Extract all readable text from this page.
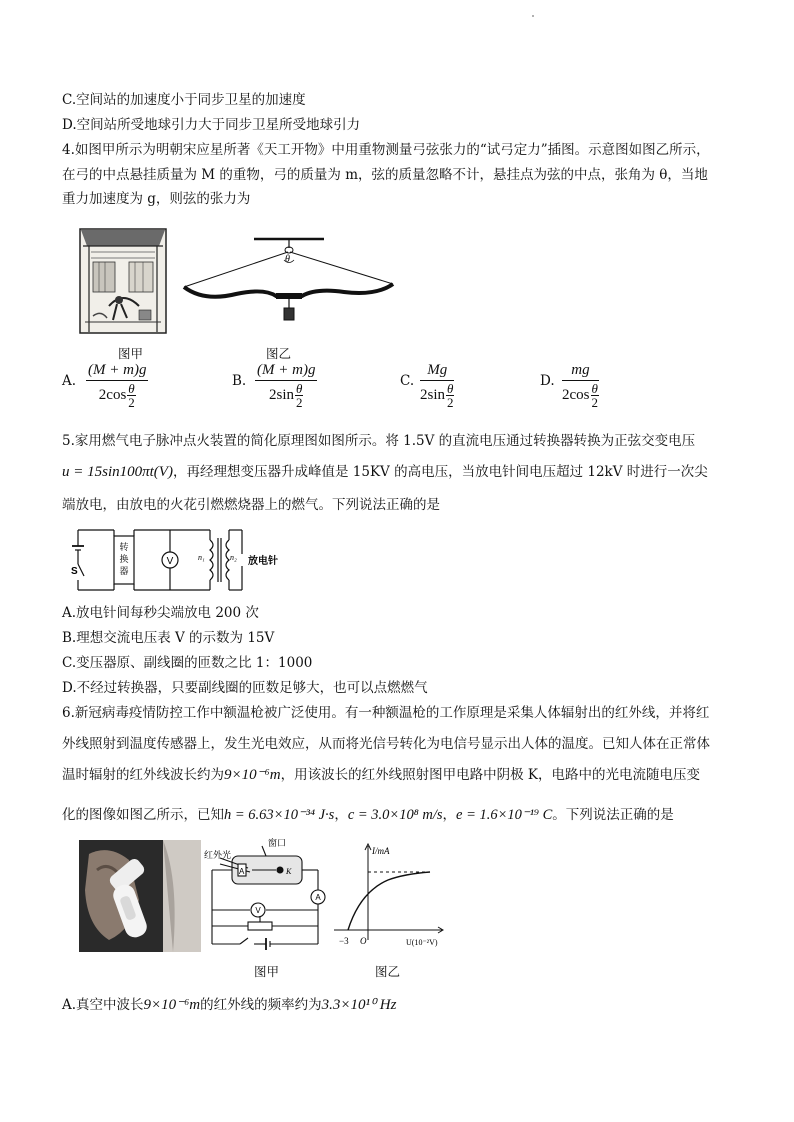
C.空间站的加速度小于同步卫星的加速度
D.空间站所受地球引力大于同步卫星所受地球引力
4.如图甲所示为明朝宋应星所著《天工开物》中用重物测量弓弦张力的“试弓定力”插图。示意图如图乙所示，
在弓的中点悬挂质量为 M 的重物，弓的质量为 m，弦的质量忽略不计，悬挂点为弦的中点，张角为 θ，当地
重力加速度为 g，则弦的张力为
θ
图甲	图乙
A. $\frac{(M + m)g}{2\cos \frac{\theta}{2}}$	B. $\frac{(M + m)g}{2\sin \frac{\theta}{2}}$	C. $\frac{Mg}{2\sin \frac{\theta}{2}}$	D. $\frac{mg}{2\cos \frac{\theta}{2}}$
5.家用燃气电子脉冲点火装置的简化原理图如图所示。将 1.5V 的直流电压通过转换器转换为正弦交变电压
u = 15sin100πt(V)，再经理想变压器升成峰值是 15KV 的高电压，当放电针间电压超过 12kV 时进行一次尖
端放电，由放电的火花引燃燃烧器上的燃气。下列说法正确的是
S
转
换
器
V	n₁	n₂ 放电针
A.放电针间每秒尖端放电 200 次
B.理想交流电压表 V 的示数为 15V
C.变压器原、副线圈的匝数之比 1：1000
D.不经过转换器，只要副线圈的匝数足够大，也可以点燃燃气
6.新冠病毒疫情防控工作中额温枪被广泛使用。有一种额温枪的工作原理是采集人体辐射出的红外线，并将红
外线照射到温度传感器上，发生光电效应，从而将光信号转化为电信号显示出人体的温度。已知人体在正常体
温时辐射的红外线波长约为9×10⁻⁶m，用该波长的红外线照射图甲电路中阴极 K，电路中的光电流随电压变
化的图像如图乙所示，已知h = 6.63×10⁻³⁴ J·s，c = 3.0×10⁸ m/s，e = 1.6×10⁻¹⁹ C。下列说法正确的是
窗口
红外光
A	K
A
V
I/mA
−3 O	U(10⁻²V)
图甲	图乙
A.真空中波长9×10⁻⁶m的红外线的频率约为3.3×10¹⁰ Hz
